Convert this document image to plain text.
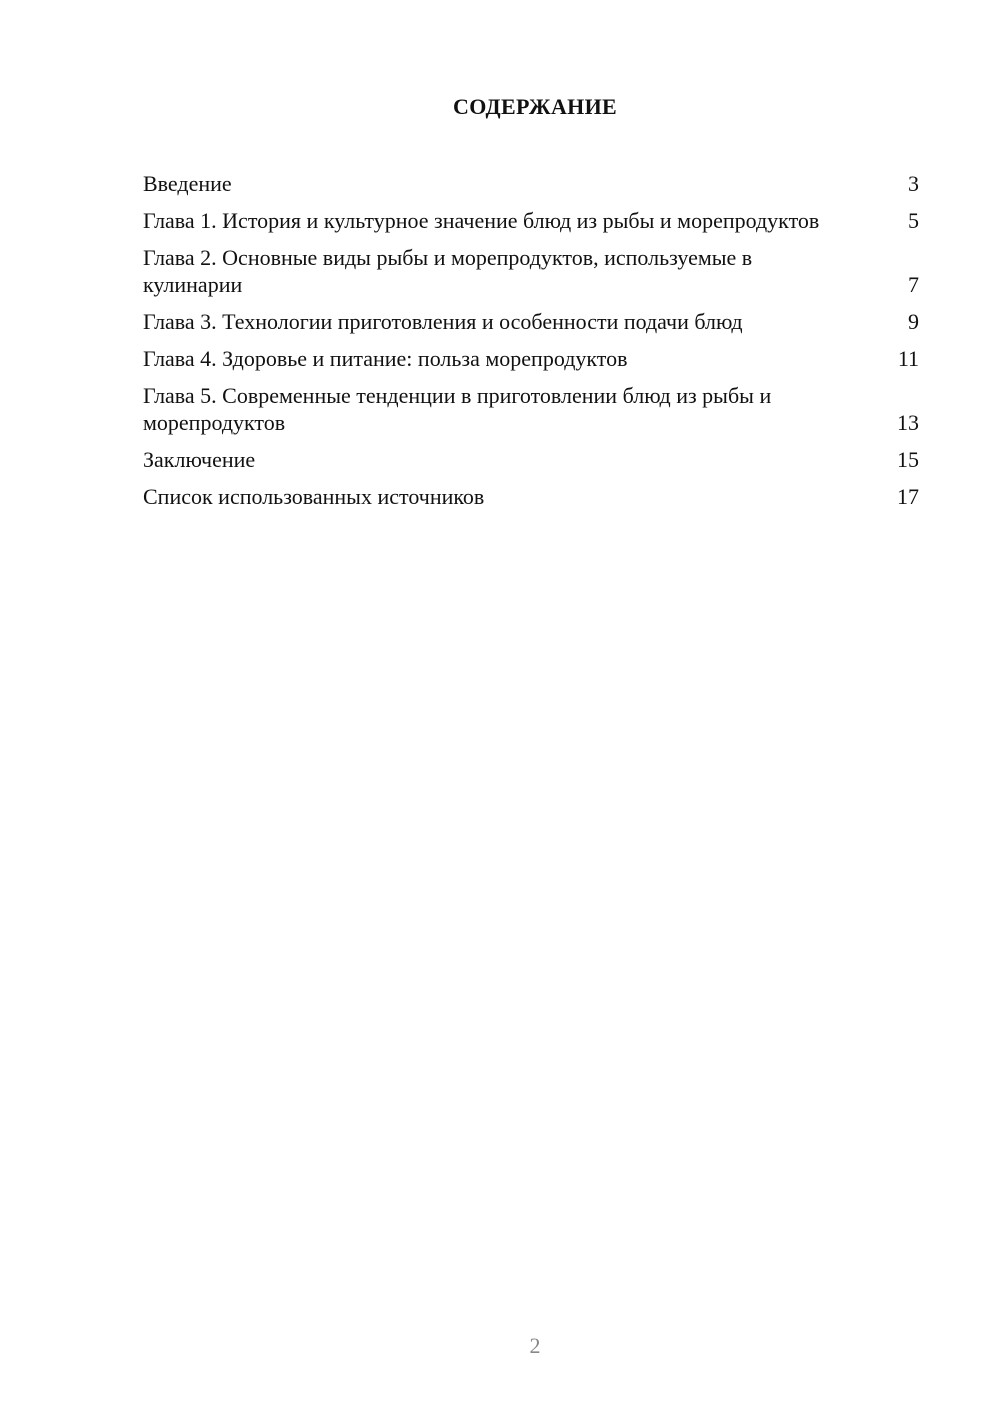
СОДЕРЖАНИЕ
Введение	3
Глава 1. История и культурное значение блюд из рыбы и морепродуктов	5
Глава 2. Основные виды рыбы и морепродуктов, используемые в кулинарии	7
Глава 3. Технологии приготовления и особенности подачи блюд	9
Глава 4. Здоровье и питание: польза морепродуктов	11
Глава 5. Современные тенденции в приготовлении блюд из рыбы и морепродуктов	13
Заключение	15
Список использованных источников	17
2
